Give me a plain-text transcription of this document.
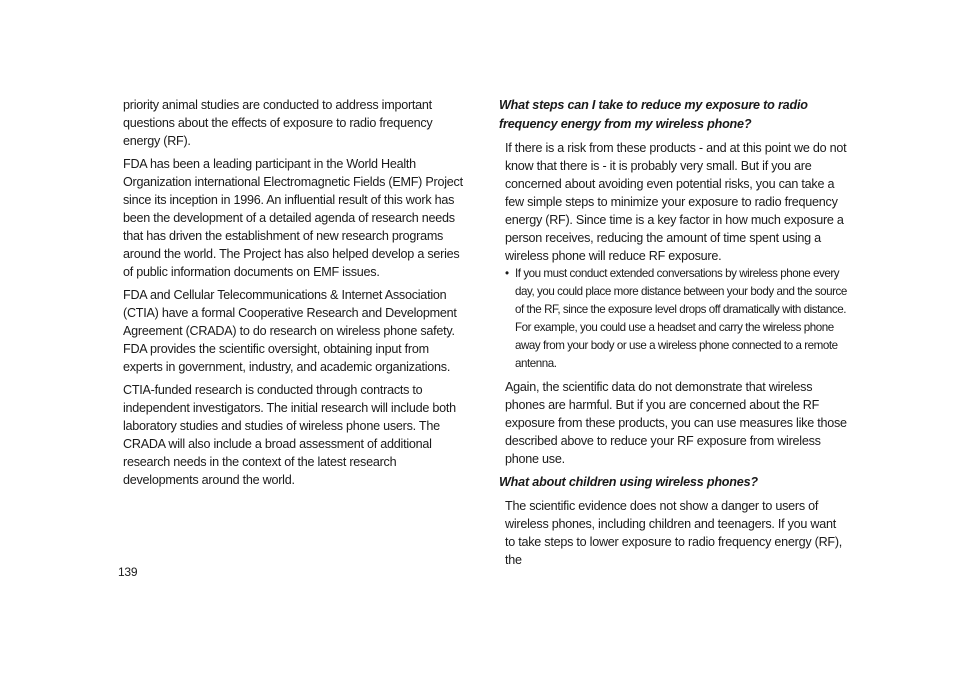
priority animal studies are conducted to address important questions about the effects of exposure to radio frequency energy (RF).

FDA has been a leading participant in the World Health Organization international Electromagnetic Fields (EMF) Project since its inception in 1996. An influential result of this work has been the development of a detailed agenda of research needs that has driven the establishment of new research programs around the world. The Project has also helped develop a series of public information documents on EMF issues.

FDA and Cellular Telecommunications & Internet Association (CTIA) have a formal Cooperative Research and Development Agreement (CRADA) to do research on wireless phone safety. FDA provides the scientific oversight, obtaining input from experts in government, industry, and academic organizations.

CTIA-funded research is conducted through contracts to independent investigators. The initial research will include both laboratory studies and studies of wireless phone users. The CRADA will also include a broad assessment of additional research needs in the context of the latest research developments around the world.

What steps can I take to reduce my exposure to radio frequency energy from my wireless phone?

If there is a risk from these products - and at this point we do not know that there is - it is probably very small. But if you are concerned about avoiding even potential risks, you can take a few simple steps to minimize your exposure to radio frequency energy (RF). Since time is a key factor in how much exposure a person receives, reducing the amount of time spent using a wireless phone will reduce RF exposure.

• If you must conduct extended conversations by wireless phone every day, you could place more distance between your body and the source of the RF, since the exposure level drops off dramatically with distance. For example, you could use a headset and carry the wireless phone away from your body or use a wireless phone connected to a remote antenna.

Again, the scientific data do not demonstrate that wireless phones are harmful. But if you are concerned about the RF exposure from these products, you can use measures like those described above to reduce your RF exposure from wireless phone use.

What about children using wireless phones?

The scientific evidence does not show a danger to users of wireless phones, including children and teenagers. If you want to take steps to lower exposure to radio frequency energy (RF), the

139
